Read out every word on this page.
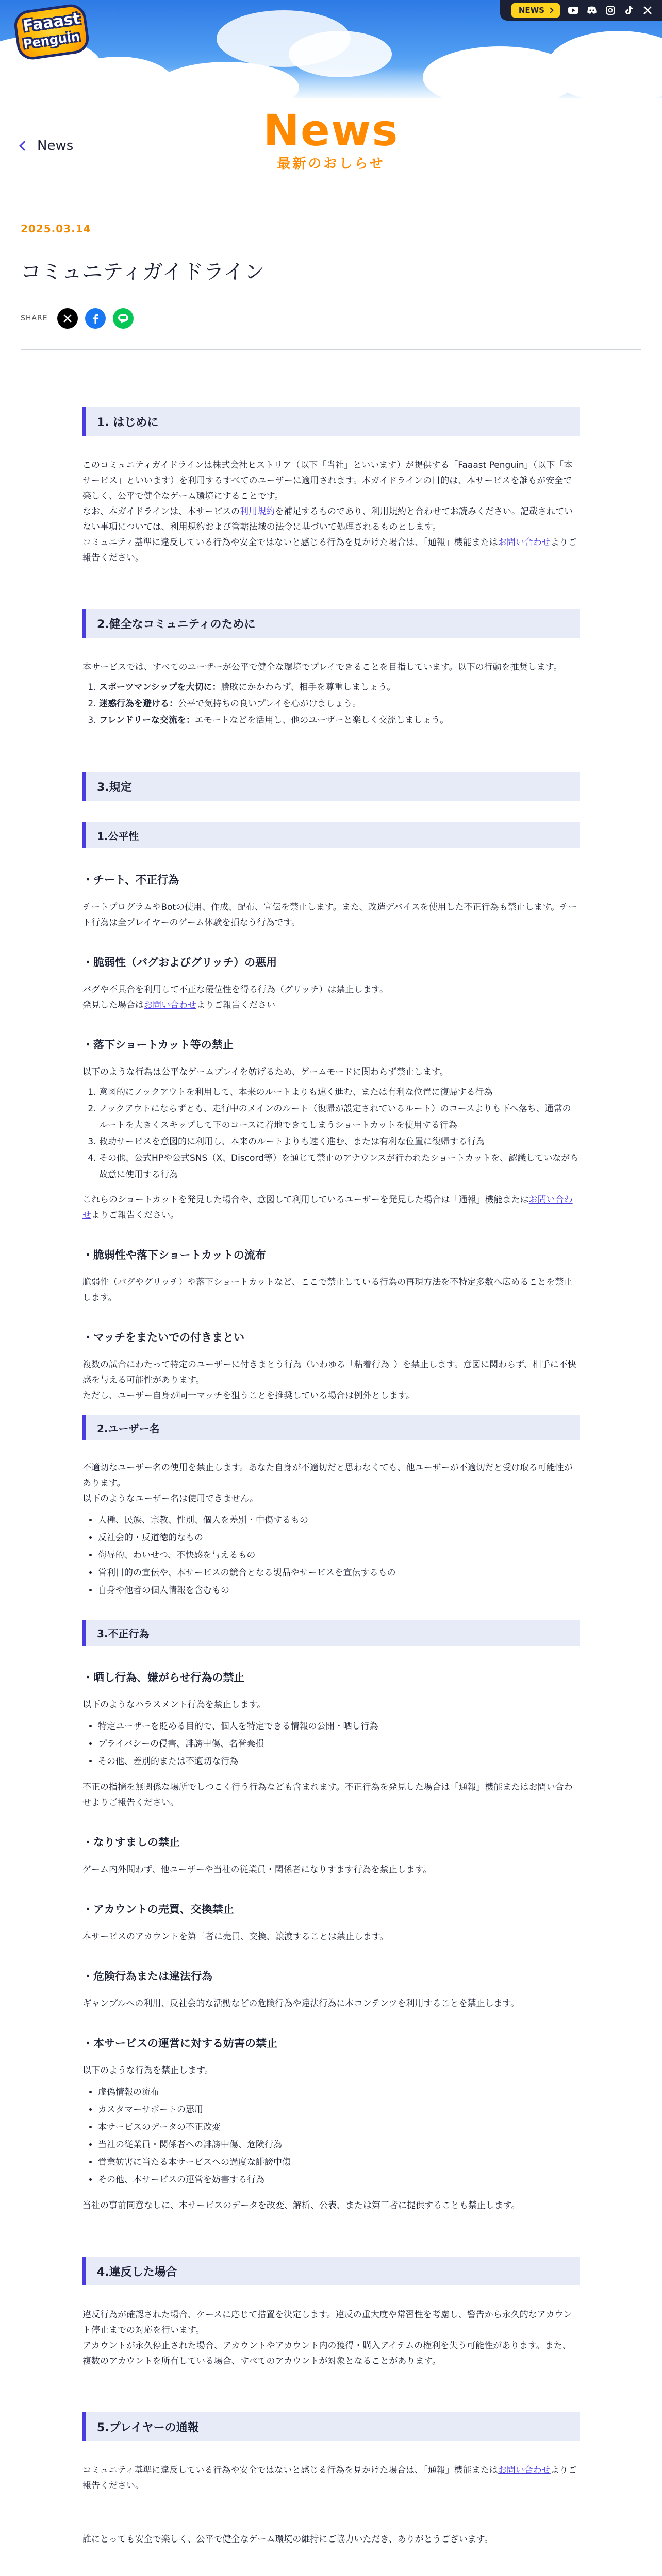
Faaast
Penguin
NEWS
News
最新のおしらせ
News
2025.03.14
コミュニティガイドライン
SHARE
1. はじめに

このコミュニティガイドラインは株式会社ヒストリア（以下「当社」といいます）が提供する「Faaast Penguin」（以下「本サービス」といいます）を利用するすべてのユーザーに適用されます。本ガイドラインの目的は、本サービスを誰もが安全で楽しく、公平で健全なゲーム環境にすることです。

なお、本ガイドラインは、本サービスの利用規約を補足するものであり、利用規約と合わせてお読みください。記載されていない事項については、利用規約および管轄法域の法令に基づいて処理されるものとします。

コミュニティ基準に違反している行為や安全ではないと感じる行為を見かけた場合は、「通報」機能またはお問い合わせよりご報告ください。

2.健全なコミュニティのために

本サービスでは、すべてのユーザーが公平で健全な環境でプレイできることを目指しています。以下の行動を推奨します。

1. スポーツマンシップを大切に：勝敗にかかわらず、相手を尊重しましょう。
2. 迷惑行為を避ける：公平で気持ちの良いプレイを心がけましょう。
3. フレンドリーな交流を：エモートなどを活用し、他のユーザーと楽しく交流しましょう。
3.規定
1.公平性
・チート、不正行為

チートプログラムやBotの使用、作成、配布、宣伝を禁止します。また、改造デバイスを使用した不正行為も禁止します。チート行為は全プレイヤーのゲーム体験を損なう行為です。

・脆弱性（バグおよびグリッチ）の悪用

バグや不具合を利用して不正な優位性を得る行為（グリッチ）は禁止します。

発見した場合はお問い合わせよりご報告ください

・落下ショートカット等の禁止

以下のような行為は公平なゲームプレイを妨げるため、ゲームモードに関わらず禁止します。

1. 意図的にノックアウトを利用して、本来のルートよりも速く進む、または有利な位置に復帰する行為
2. ノックアウトにならずとも、走行中のメインのルート（復帰が設定されているルート）のコースよりも下へ落ち、通常のルートを大きくスキップして下のコースに着地できてしまうショートカットを使用する行為
3. 救助サービスを意図的に利用し、本来のルートよりも速く進む、または有利な位置に復帰する行為
4. その他、公式HPや公式SNS（X、Discord等）を通じて禁止のアナウンスが行われたショートカットを、認識していながら故意に使用する行為

これらのショートカットを発見した場合や、意図して利用しているユーザーを発見した場合は「通報」機能またはお問い合わせよりご報告ください。

・脆弱性や落下ショートカットの流布

脆弱性（バグやグリッチ）や落下ショートカットなど、ここで禁止している行為の再現方法を不特定多数へ広めることを禁止します。

・マッチをまたいでの付きまとい

複数の試合にわたって特定のユーザーに付きまとう行為（いわゆる「粘着行為」）を禁止します。意図に関わらず、相手に不快感を与える可能性があります。

ただし、ユーザー自身が同一マッチを狙うことを推奨している場合は例外とします。

2.ユーザー名

不適切なユーザー名の使用を禁止します。あなた自身が不適切だと思わなくても、他ユーザーが不適切だと受け取る可能性があります。

以下のようなユーザー名は使用できません。

• 人種、民族、宗教、性別、個人を差別・中傷するもの
• 反社会的・反道徳的なもの
• 侮辱的、わいせつ、不快感を与えるもの
• 営利目的の宣伝や、本サービスの競合となる製品やサービスを宣伝するもの
• 自身や他者の個人情報を含むもの
3.不正行為
・晒し行為、嫌がらせ行為の禁止

以下のようなハラスメント行為を禁止します。

• 特定ユーザーを貶める目的で、個人を特定できる情報の公開・晒し行為
• プライバシーの侵害、誹謗中傷、名誉棄損
• その他、差別的または不適切な行為

不正の指摘を無関係な場所でしつこく行う行為なども含まれます。不正行為を発見した場合は「通報」機能またはお問い合わせよりご報告ください。

・なりすましの禁止

ゲーム内外問わず、他ユーザーや当社の従業員・関係者になりすます行為を禁止します。

・アカウントの売買、交換禁止

本サービスのアカウントを第三者に売買、交換、譲渡することは禁止します。

・危険行為または違法行為

ギャンブルへの利用、反社会的な活動などの危険行為や違法行為に本コンテンツを利用することを禁止します。

・本サービスの運営に対する妨害の禁止

以下のような行為を禁止します。

• 虚偽情報の流布
• カスタマーサポートの悪用
• 本サービスのデータの不正改変
• 当社の従業員・関係者への誹謗中傷、危険行為
• 営業妨害に当たる本サービスへの過度な誹謗中傷
• その他、本サービスの運営を妨害する行為

当社の事前同意なしに、本サービスのデータを改変、解析、公表、または第三者に提供することも禁止します。

4.違反した場合

違反行為が確認された場合、ケースに応じて措置を決定します。違反の重大度や常習性を考慮し、警告から永久的なアカウント停止までの対応を行います。

アカウントが永久停止された場合、アカウントやアカウント内の獲得・購入アイテムの権利を失う可能性があります。また、複数のアカウントを所有している場合、すべてのアカウントが対象となることがあります。

5.プレイヤーの通報

コミュニティ基準に違反している行為や安全ではないと感じる行為を見かけた場合は、「通報」機能またはお問い合わせよりご報告ください。

誰にとっても安全で楽しく、公平で健全なゲーム環境の維持にご協力いただき、ありがとうございます。
